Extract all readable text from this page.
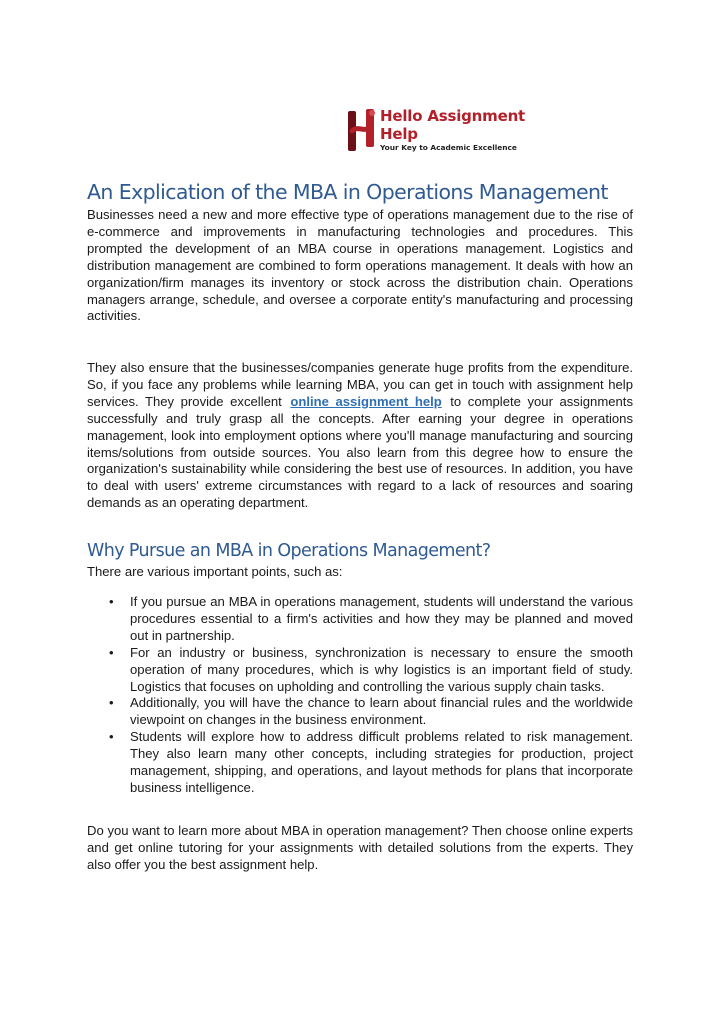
Hello Assignment Help
Your Key to Academic Excellence
An Explication of the MBA in Operations Management

Businesses need a new and more effective type of operations management due to the rise of e-commerce and improvements in manufacturing technologies and procedures. This prompted the development of an MBA course in operations management. Logistics and distribution management are combined to form operations management. It deals with how an organization/firm manages its inventory or stock across the distribution chain. Operations managers arrange, schedule, and oversee a corporate entity's manufacturing and processing activities.

They also ensure that the businesses/companies generate huge profits from the expenditure. So, if you face any problems while learning MBA, you can get in touch with assignment help services. They provide excellent online assignment help to complete your assignments successfully and truly grasp all the concepts. After earning your degree in operations management, look into employment options where you'll manage manufacturing and sourcing items/solutions from outside sources. You also learn from this degree how to ensure the organization's sustainability while considering the best use of resources. In addition, you have to deal with users' extreme circumstances with regard to a lack of resources and soaring demands as an operating department.

Why Pursue an MBA in Operations Management?

There are various important points, such as:

• If you pursue an MBA in operations management, students will understand the various procedures essential to a firm's activities and how they may be planned and moved out in partnership.
• For an industry or business, synchronization is necessary to ensure the smooth operation of many procedures, which is why logistics is an important field of study. Logistics that focuses on upholding and controlling the various supply chain tasks.
• Additionally, you will have the chance to learn about financial rules and the worldwide viewpoint on changes in the business environment.
• Students will explore how to address difficult problems related to risk management. They also learn many other concepts, including strategies for production, project management, shipping, and operations, and layout methods for plans that incorporate business intelligence.

Do you want to learn more about MBA in operation management? Then choose online experts and get online tutoring for your assignments with detailed solutions from the experts. They also offer you the best assignment help.
